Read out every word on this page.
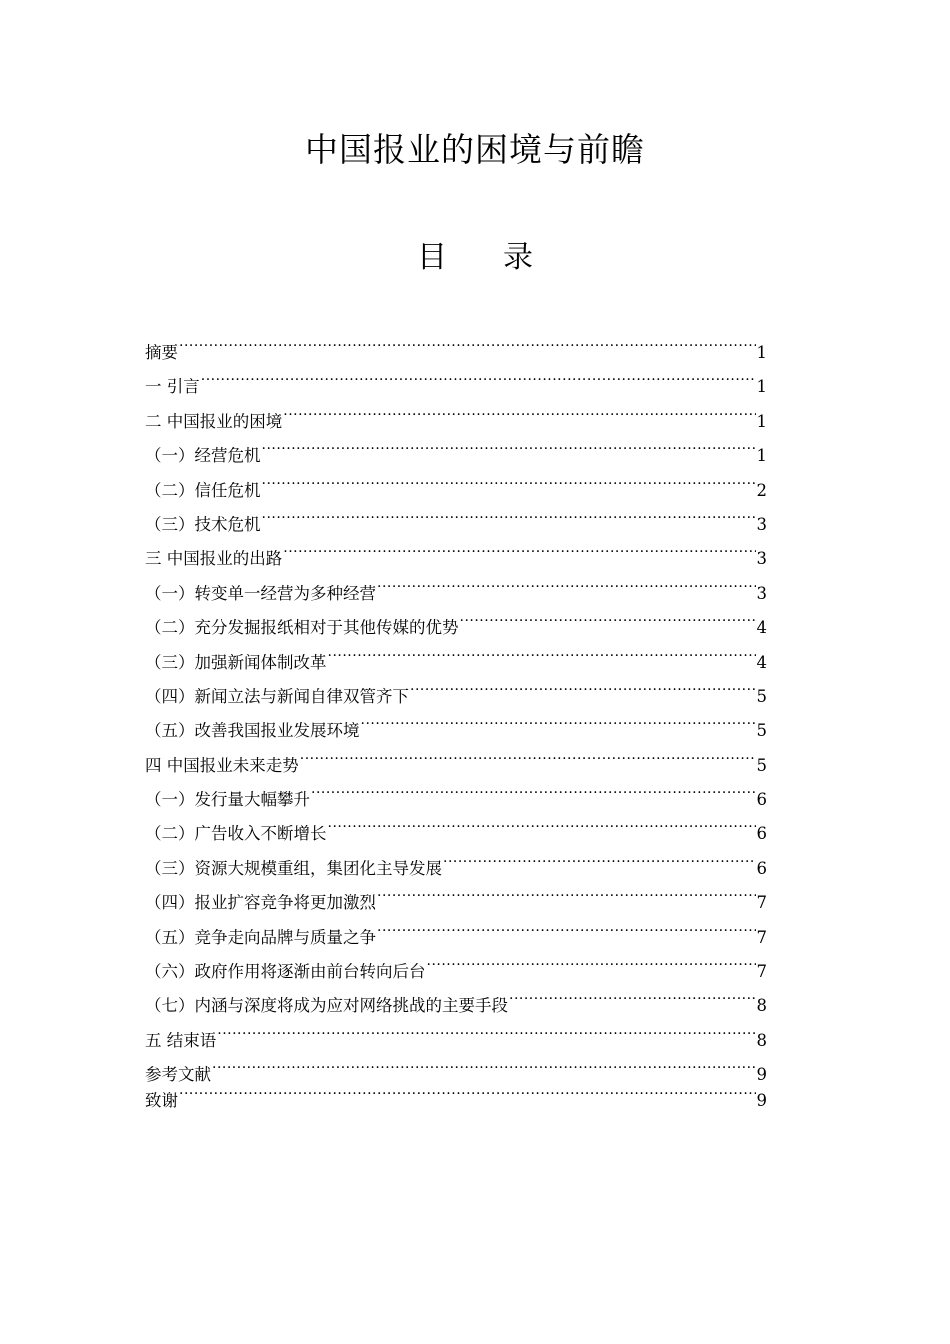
中国报业的困境与前瞻
目 录
摘要 ·····	1
一 引言 ·····	1
二 中国报业的困境 ·····	1
（一）经营危机 ·····	1
（二）信任危机 ·····	2
（三）技术危机 ·····	3
三 中国报业的出路 ·····	3
（一）转变单一经营为多种经营 ·····	3
（二）充分发掘报纸相对于其他传媒的优势 ·····	4
（三）加强新闻体制改革 ·····	4
（四）新闻立法与新闻自律双管齐下 ·····	5
（五）改善我国报业发展环境 ·····	5
四 中国报业未来走势 ·····	5
（一）发行量大幅攀升 ·····	6
（二）广告收入不断增长 ·····	6
（三）资源大规模重组，集团化主导发展 ·····	6
（四）报业扩容竞争将更加激烈 ·····	7
（五）竞争走向品牌与质量之争 ·····	7
（六）政府作用将逐渐由前台转向后台 ·····	7
（七）内涵与深度将成为应对网络挑战的主要手段 ·····	8
五 结束语 ·····	8
参考文献 ·····	9
致谢 ·····	9
